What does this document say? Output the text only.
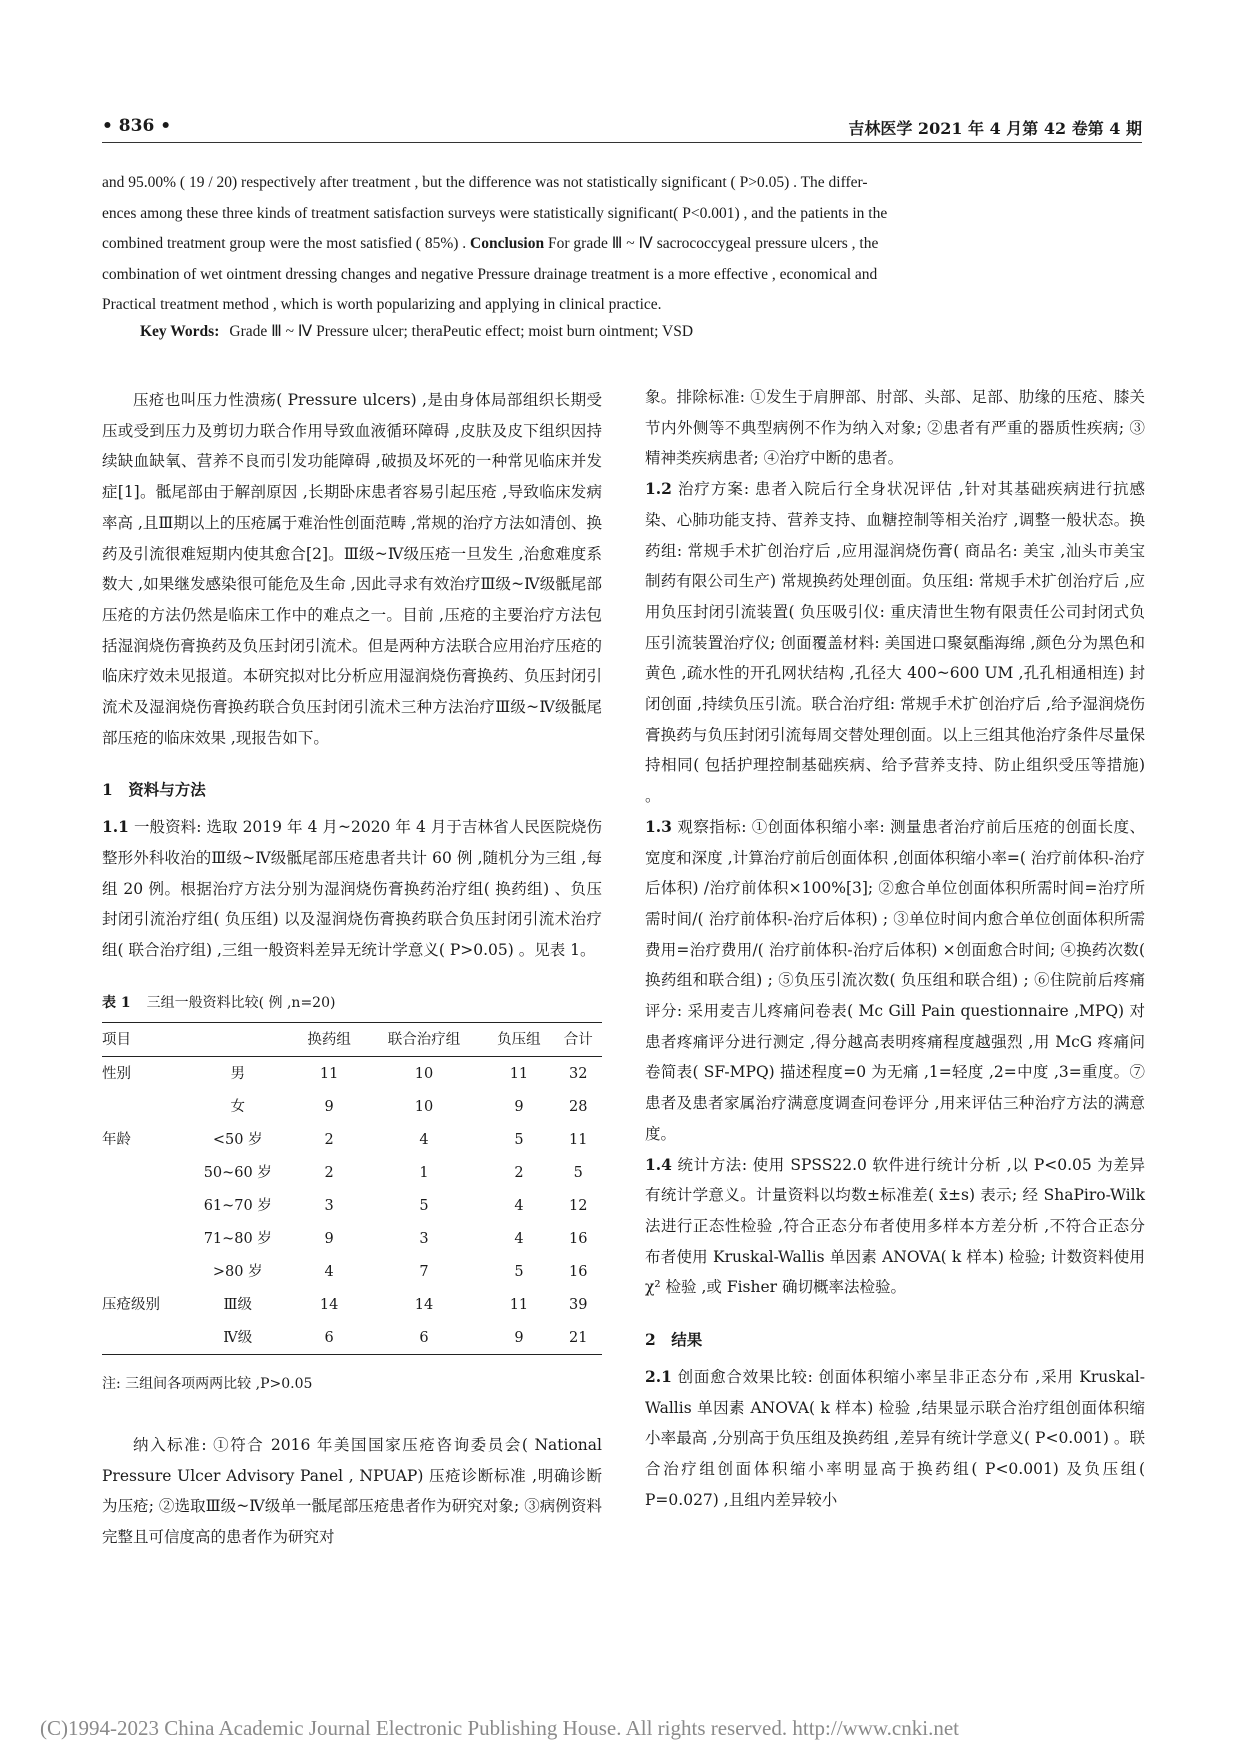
• 836 •	吉林医学 2021 年 4 月第 42 卷第 4 期
and 95.00% ( 19 / 20) respectively after treatment , but the difference was not statistically significant ( P>0.05) . The differ-
ences among these three kinds of treatment satisfaction surveys were statistically significant( P<0.001) , and the patients in the
combined treatment group were the most satisfied ( 85%) . Conclusion For grade Ⅲ ~ Ⅳ sacrococcygeal pressure ulcers , the
combination of wet ointment dressing changes and negative Pressure drainage treatment is a more effective , economical and
Practical treatment method , which is worth popularizing and applying in clinical practice.
Key Words: Grade Ⅲ ~ Ⅳ Pressure ulcer; theraPeutic effect; moist burn ointment; VSD

压疮也叫压力性溃疡( Pressure ulcers) ,是由身体局部组织长期受压或受到压力及剪切力联合作用导致血液循环障碍 ,皮肤及皮下组织因持续缺血缺氧、营养不良而引发功能障碍 ,破损及坏死的一种常见临床并发症[1]。骶尾部由于解剖原因 ,长期卧床患者容易引起压疮 ,导致临床发病率高 ,且Ⅲ期以上的压疮属于难治性创面范畴 ,常规的治疗方法如清创、换药及引流很难短期内使其愈合[2]。Ⅲ级~Ⅳ级压疮一旦发生 ,治愈难度系数大 ,如果继发感染很可能危及生命 ,因此寻求有效治疗Ⅲ级~Ⅳ级骶尾部压疮的方法仍然是临床工作中的难点之一。目前 ,压疮的主要治疗方法包括湿润烧伤膏换药及负压封闭引流术。但是两种方法联合应用治疗压疮的临床疗效未见报道。本研究拟对比分析应用湿润烧伤膏换药、负压封闭引流术及湿润烧伤膏换药联合负压封闭引流术三种方法治疗Ⅲ级~Ⅳ级骶尾部压疮的临床效果 ,现报告如下。

1　资料与方法

1.1 一般资料: 选取 2019 年 4 月~2020 年 4 月于吉林省人民医院烧伤整形外科收治的Ⅲ级~Ⅳ级骶尾部压疮患者共计 60 例 ,随机分为三组 ,每组 20 例。根据治疗方法分别为湿润烧伤膏换药治疗组( 换药组) 、负压封闭引流治疗组( 负压组) 以及湿润烧伤膏换药联合负压封闭引流术治疗组( 联合治疗组) ,三组一般资料差异无统计学意义( P>0.05) 。见表 1。

表 1 三组一般资料比较( 例 ,n=20)
项目		换药组	联合治疗组	负压组	合计
性别	男	11	10	11	32
	女	9	10	9	28
年龄	<50 岁	2	4	5	11
	50~60 岁	2	1	2	5
	61~70 岁	3	5	4	12
	71~80 岁	9	3	4	16
	>80 岁	4	7	5	16
压疮级别	Ⅲ级	14	14	11	39
	Ⅳ级	6	6	9	21
注: 三组间各项两两比较 ,P>0.05

纳入标准: ①符合 2016 年美国国家压疮咨询委员会( National Pressure Ulcer Advisory Panel , NPUAP) 压疮诊断标准 ,明确诊断为压疮; ②选取Ⅲ级~Ⅳ级单一骶尾部压疮患者作为研究对象; ③病例资料完整且可信度高的患者作为研究对

象。排除标准: ①发生于肩胛部、肘部、头部、足部、肋缘的压疮、膝关节内外侧等不典型病例不作为纳入对象; ②患者有严重的器质性疾病; ③精神类疾病患者; ④治疗中断的患者。

1.2 治疗方案: 患者入院后行全身状况评估 ,针对其基础疾病进行抗感染、心肺功能支持、营养支持、血糖控制等相关治疗 ,调整一般状态。换药组: 常规手术扩创治疗后 ,应用湿润烧伤膏( 商品名: 美宝 ,汕头市美宝制药有限公司生产) 常规换药处理创面。负压组: 常规手术扩创治疗后 ,应用负压封闭引流装置( 负压吸引仪: 重庆清世生物有限责任公司封闭式负压引流装置治疗仪; 创面覆盖材料: 美国进口聚氨酯海绵 ,颜色分为黑色和黄色 ,疏水性的开孔网状结构 ,孔径大 400~600 UM ,孔孔相通相连) 封闭创面 ,持续负压引流。联合治疗组: 常规手术扩创治疗后 ,给予湿润烧伤膏换药与负压封闭引流每周交替处理创面。以上三组其他治疗条件尽量保持相同( 包括护理控制基础疾病、给予营养支持、防止组织受压等措施) 。

1.3 观察指标: ①创面体积缩小率: 测量患者治疗前后压疮的创面长度、宽度和深度 ,计算治疗前后创面体积 ,创面体积缩小率=( 治疗前体积-治疗后体积) /治疗前体积×100%[3]; ②愈合单位创面体积所需时间=治疗所需时间/( 治疗前体积-治疗后体积) ; ③单位时间内愈合单位创面体积所需费用=治疗费用/( 治疗前体积-治疗后体积) ×创面愈合时间; ④换药次数( 换药组和联合组) ; ⑤负压引流次数( 负压组和联合组) ; ⑥住院前后疼痛评分: 采用麦吉儿疼痛问卷表( Mc Gill Pain questionnaire ,MPQ) 对患者疼痛评分进行测定 ,得分越高表明疼痛程度越强烈 ,用 McG 疼痛问卷简表( SF-MPQ) 描述程度=0 为无痛 ,1=轻度 ,2=中度 ,3=重度。⑦患者及患者家属治疗满意度调查问卷评分 ,用来评估三种治疗方法的满意度。

1.4 统计方法: 使用 SPSS22.0 软件进行统计分析 ,以 P<0.05 为差异有统计学意义。计量资料以均数±标准差( x̄±s) 表示; 经 ShaPiro-Wilk 法进行正态性检验 ,符合正态分布者使用多样本方差分析 ,不符合正态分布者使用 Kruskal-Wallis 单因素 ANOVA( k 样本) 检验; 计数资料使用χ² 检验 ,或 Fisher 确切概率法检验。

2　结果

2.1 创面愈合效果比较: 创面体积缩小率呈非正态分布 ,采用 Kruskal-Wallis 单因素 ANOVA( k 样本) 检验 ,结果显示联合治疗组创面体积缩小率最高 ,分别高于负压组及换药组 ,差异有统计学意义( P<0.001) 。联合治疗组创面体积缩小率明显高于换药组( P<0.001) 及负压组( P=0.027) ,且组内差异较小

(C)1994-2023 China Academic Journal Electronic Publishing House. All rights reserved. http://www.cnki.net
